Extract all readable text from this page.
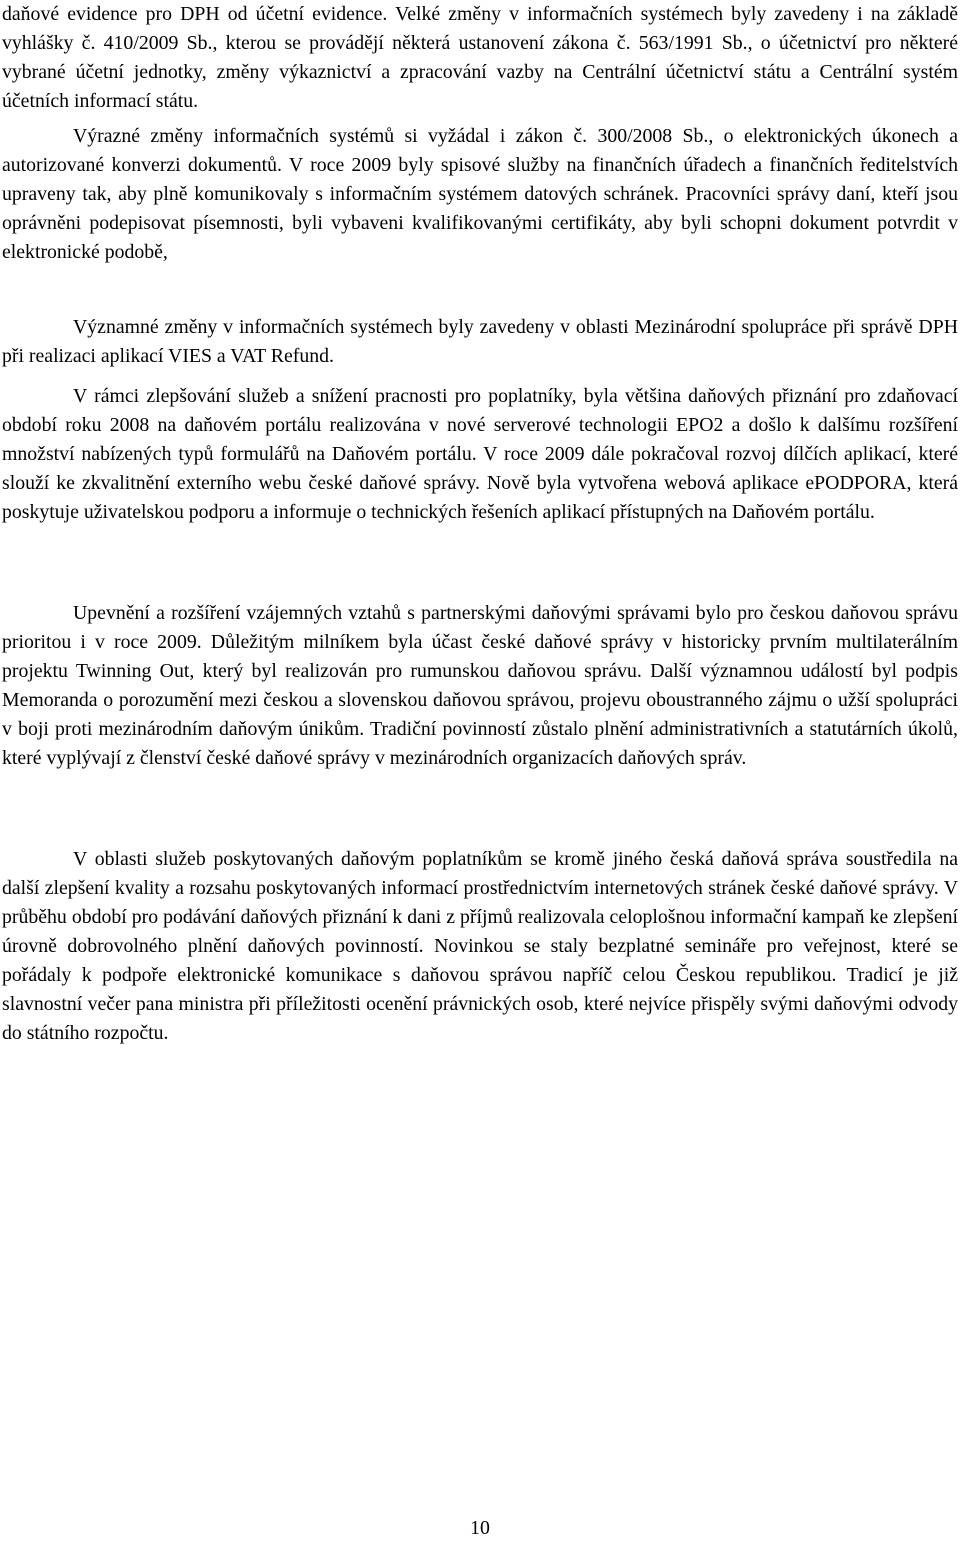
daňové evidence pro DPH od účetní evidence. Velké změny v informačních systémech byly zavedeny i na základě vyhlášky č. 410/2009 Sb., kterou se provádějí některá ustanovení zákona č. 563/1991 Sb., o účetnictví pro některé vybrané účetní jednotky, změny výkaznictví a zpracování vazby na Centrální účetnictví státu a Centrální systém účetních informací státu.

Výrazné změny informačních systémů si vyžádal i zákon č. 300/2008 Sb., o elektronických úkonech a autorizované konverzi dokumentů. V roce 2009 byly spisové služby na finančních úřadech a finančních ředitelstvích upraveny tak, aby plně komunikovaly s informačním systémem datových schránek. Pracovníci správy daní, kteří jsou oprávněni podepisovat písemnosti, byli vybaveni kvalifikovanými certifikáty, aby byli schopni dokument potvrdit v elektronické podobě,

Významné změny v informačních systémech byly zavedeny v oblasti Mezinárodní spolupráce při správě DPH při realizaci aplikací VIES a VAT Refund.

V rámci zlepšování služeb a snížení pracnosti pro poplatníky, byla většina daňových přiznání pro zdaňovací období roku 2008 na daňovém portálu realizována v nové serverové technologii EPO2 a došlo k dalšímu rozšíření množství nabízených typů formulářů na Daňovém portálu. V roce 2009 dále pokračoval rozvoj dílčích aplikací, které slouží ke zkvalitnění externího webu české daňové správy. Nově byla vytvořena webová aplikace ePODPORA, která poskytuje uživatelskou podporu a informuje o technických řešeních aplikací přístupných na Daňovém portálu.

Upevnění a rozšíření vzájemných vztahů s partnerskými daňovými správami bylo pro českou daňovou správu prioritou i v roce 2009. Důležitým milníkem byla účast české daňové správy v historicky prvním multilaterálním projektu Twinning Out, který byl realizován pro rumunskou daňovou správu. Další významnou událostí byl podpis Memoranda o porozumění mezi českou a slovenskou daňovou správou, projevu oboustranného zájmu o užší spolupráci v boji proti mezinárodním daňovým únikům. Tradiční povinností zůstalo plnění administrativních a statutárních úkolů, které vyplývají z členství české daňové správy v mezinárodních organizacích daňových správ.

V oblasti služeb poskytovaných daňovým poplatníkům se kromě jiného česká daňová správa soustředila na další zlepšení kvality a rozsahu poskytovaných informací prostřednictvím internetových stránek české daňové správy. V průběhu období pro podávání daňových přiznání k dani z příjmů realizovala celoplošnou informační kampaň ke zlepšení úrovně dobrovolného plnění daňových povinností. Novinkou se staly bezplatné semináře pro veřejnost, které se pořádaly k podpoře elektronické komunikace s daňovou správou napříč celou Českou republikou. Tradicí je již slavnostní večer pana ministra při příležitosti ocenění právnických osob, které nejvíce přispěly svými daňovými odvody do státního rozpočtu.

10
